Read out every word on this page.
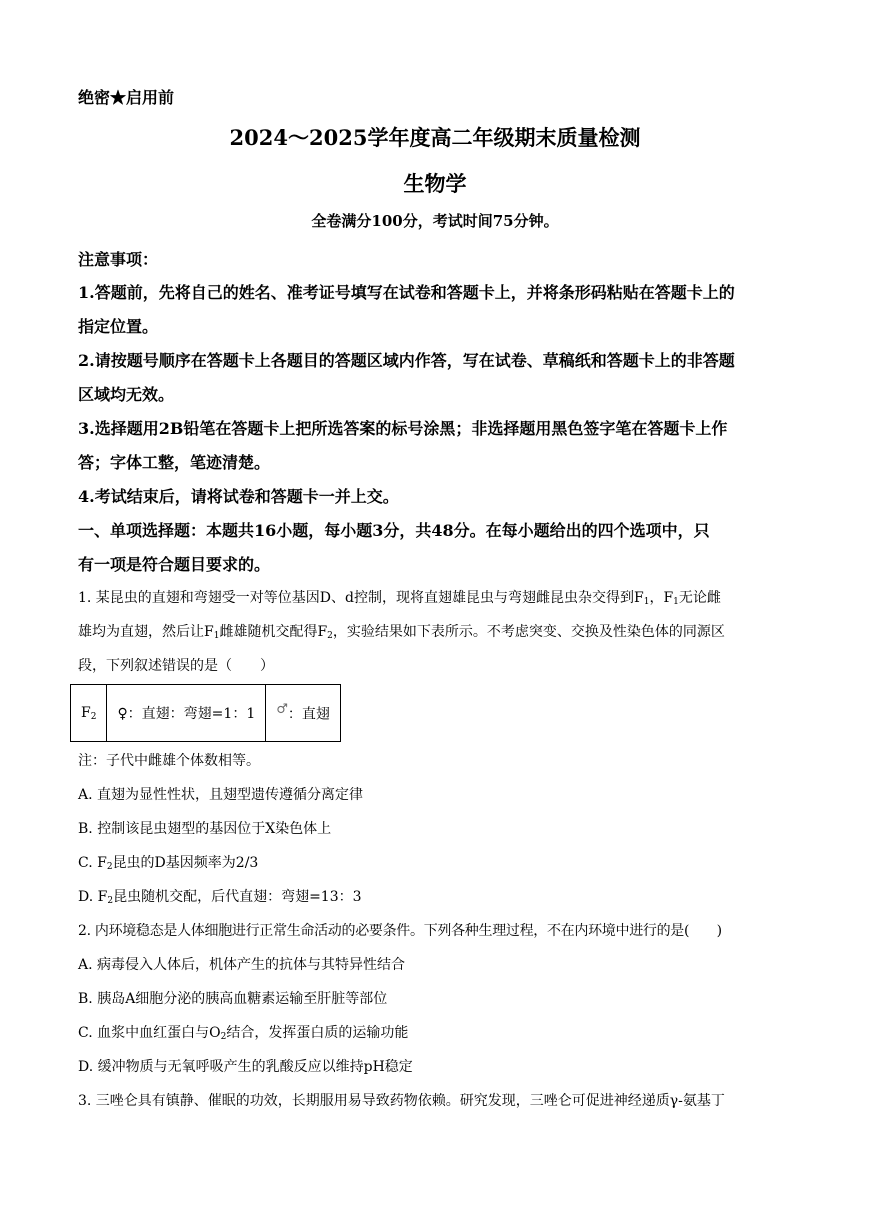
绝密★启用前
2024～2025学年度高二年级期末质量检测
生物学
全卷满分100分，考试时间75分钟。
注意事项：
1.答题前，先将自己的姓名、准考证号填写在试卷和答题卡上，并将条形码粘贴在答题卡上的
指定位置。
2.请按题号顺序在答题卡上各题目的答题区域内作答，写在试卷、草稿纸和答题卡上的非答题
区域均无效。
3.选择题用2B铅笔在答题卡上把所选答案的标号涂黑；非选择题用黑色签字笔在答题卡上作
答；字体工整，笔迹清楚。
4.考试结束后，请将试卷和答题卡一并上交。
一、单项选择题：本题共16小题，每小题3分，共48分。在每小题给出的四个选项中，只
有一项是符合题目要求的。
1. 某昆虫的直翅和弯翅受一对等位基因D、d控制，现将直翅雄昆虫与弯翅雌昆虫杂交得到$F_1$，$F_1$无论雌
雄均为直翅，然后让$F_1$雌雄随机交配得$F_2$，实验结果如下表所示。不考虑突变、交换及性染色体的同源区
段，下列叙述错误的是（　　）
$F_2$	♀：直翅：弯翅=1：1	♂：直翅
注：子代中雌雄个体数相等。
A. 直翅为显性性状，且翅型遗传遵循分离定律
B. 控制该昆虫翅型的基因位于X染色体上
C. $F_2$昆虫的D基因频率为2/3
D. $F_2$昆虫随机交配，后代直翅：弯翅=13：3
2. 内环境稳态是人体细胞进行正常生命活动的必要条件。下列各种生理过程，不在内环境中进行的是(　　)
A. 病毒侵入人体后，机体产生的抗体与其特异性结合
B. 胰岛A细胞分泌的胰高血糖素运输至肝脏等部位
C. 血浆中血红蛋白与$O_2$结合，发挥蛋白质的运输功能
D. 缓冲物质与无氧呼吸产生的乳酸反应以维持pH稳定
3. 三唑仑具有镇静、催眠的功效，长期服用易导致药物依赖。研究发现，三唑仑可促进神经递质γ-氨基丁
